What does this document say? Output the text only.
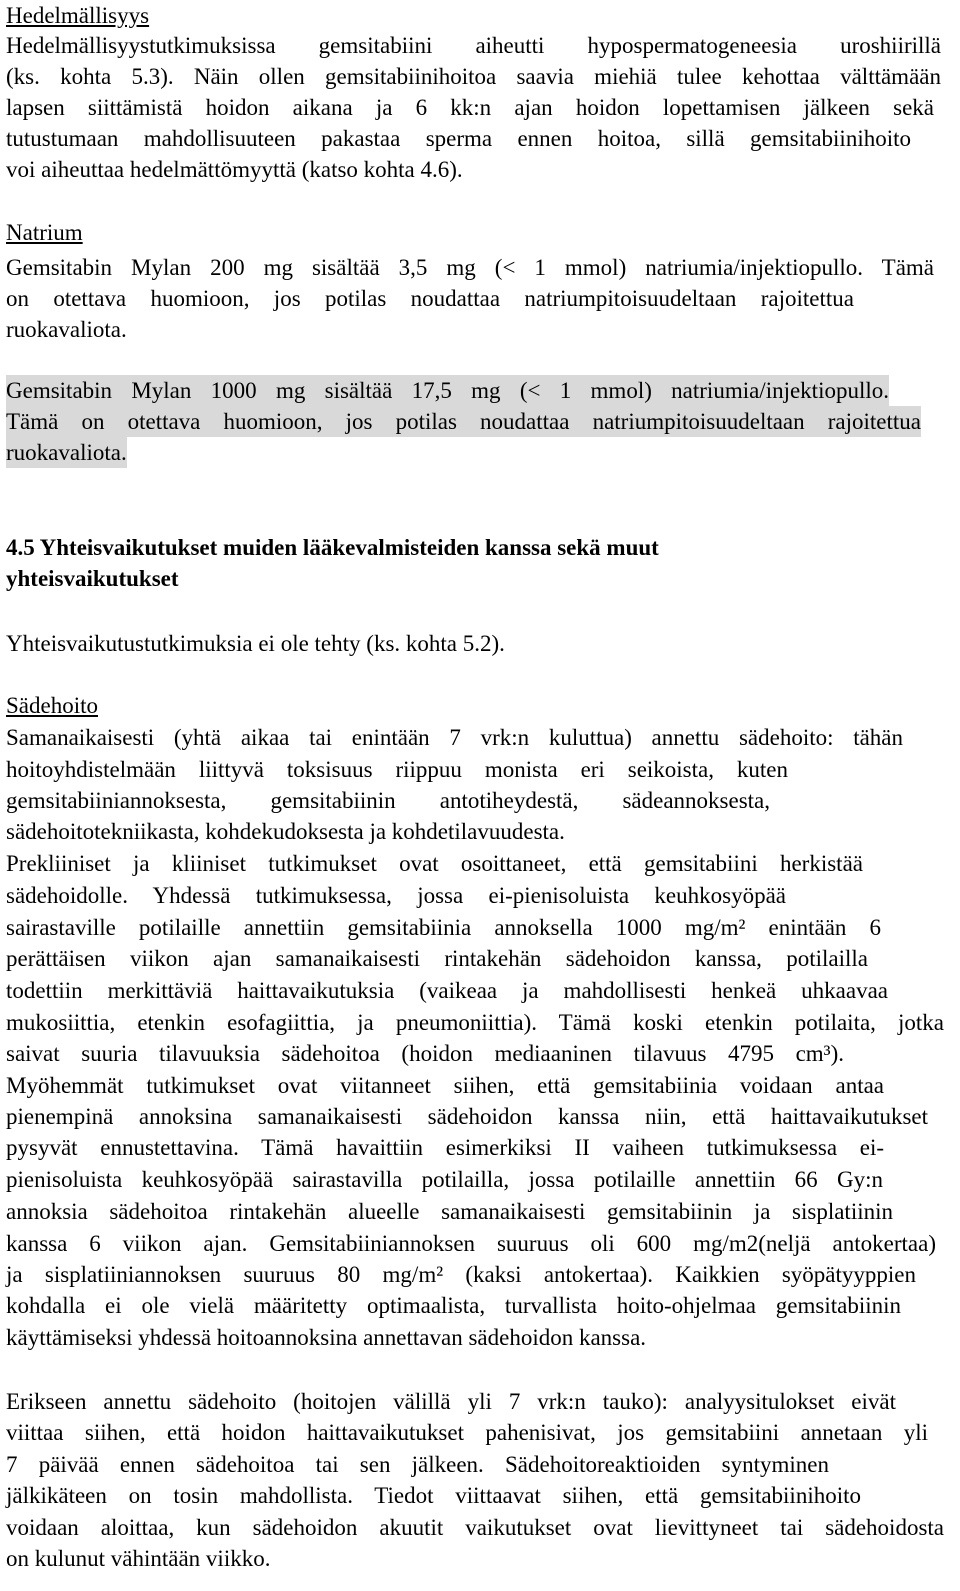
Hedelmällisyys
Hedelmällisyystutkimuksissa gemsitabiini aiheutti hypospermatogeneesia uroshiirillä
(ks. kohta 5.3). Näin ollen gemsitabiinihoitoa saavia miehiä tulee kehottaa välttämään
lapsen siittämistä hoidon aikana ja 6 kk:n ajan hoidon lopettamisen jälkeen sekä
tutustumaan mahdollisuuteen pakastaa sperma ennen hoitoa, sillä gemsitabiinihoito
voi aiheuttaa hedelmättömyyttä (katso kohta 4.6).
Natrium
Gemsitabin Mylan 200 mg sisältää 3,5 mg (< 1 mmol) natriumia/injektiopullo. Tämä
on otettava huomioon, jos potilas noudattaa natriumpitoisuudeltaan rajoitettua
ruokavaliota.
Gemsitabin Mylan 1000 mg sisältää 17,5 mg (< 1 mmol) natriumia/injektiopullo.
Tämä on otettava huomioon, jos potilas noudattaa natriumpitoisuudeltaan rajoitettua
ruokavaliota.
4.5 Yhteisvaikutukset muiden lääkevalmisteiden kanssa sekä muut
yhteisvaikutukset
Yhteisvaikutustutkimuksia ei ole tehty (ks. kohta 5.2).
Sädehoito
Samanaikaisesti (yhtä aikaa tai enintään 7 vrk:n kuluttua) annettu sädehoito: tähän
hoitoyhdistelmään liittyvä toksisuus riippuu monista eri seikoista, kuten
gemsitabiiniannoksesta, gemsitabiinin antotiheydestä, sädeannoksesta,
sädehoitotekniikasta, kohdekudoksesta ja kohdetilavuudesta.
Prekliiniset ja kliiniset tutkimukset ovat osoittaneet, että gemsitabiini herkistää
sädehoidolle. Yhdessä tutkimuksessa, jossa ei-pienisoluista keuhkosyöpää
sairastaville potilaille annettiin gemsitabiinia annoksella 1000 mg/m² enintään 6
perättäisen viikon ajan samanaikaisesti rintakehän sädehoidon kanssa, potilailla
todettiin merkittäviä haittavaikutuksia (vaikeaa ja mahdollisesti henkeä uhkaavaa
mukosiittia, etenkin esofagiittia, ja pneumoniittia). Tämä koski etenkin potilaita, jotka
saivat suuria tilavuuksia sädehoitoa (hoidon mediaaninen tilavuus 4795 cm³).
Myöhemmät tutkimukset ovat viitanneet siihen, että gemsitabiinia voidaan antaa
pienempinä annoksina samanaikaisesti sädehoidon kanssa niin, että haittavaikutukset
pysyvät ennustettavina. Tämä havaittiin esimerkiksi II vaiheen tutkimuksessa ei-
pienisoluista keuhkosyöpää sairastavilla potilailla, jossa potilaille annettiin 66 Gy:n
annoksia sädehoitoa rintakehän alueelle samanaikaisesti gemsitabiinin ja sisplatiinin
kanssa 6 viikon ajan. Gemsitabiiniannoksen suuruus oli 600 mg/m2(neljä antokertaa)
ja sisplatiiniannoksen suuruus 80 mg/m² (kaksi antokertaa). Kaikkien syöpätyyppien
kohdalla ei ole vielä määritetty optimaalista, turvallista hoito-ohjelmaa gemsitabiinin
käyttämiseksi yhdessä hoitoannoksina annettavan sädehoidon kanssa.
Erikseen annettu sädehoito (hoitojen välillä yli 7 vrk:n tauko): analyysitulokset eivät
viittaa siihen, että hoidon haittavaikutukset pahenisivat, jos gemsitabiini annetaan yli
7 päivää ennen sädehoitoa tai sen jälkeen. Sädehoitoreaktioiden syntyminen
jälkikäteen on tosin mahdollista. Tiedot viittaavat siihen, että gemsitabiinihoito
voidaan aloittaa, kun sädehoidon akuutit vaikutukset ovat lievittyneet tai sädehoidosta
on kulunut vähintään viikko.
